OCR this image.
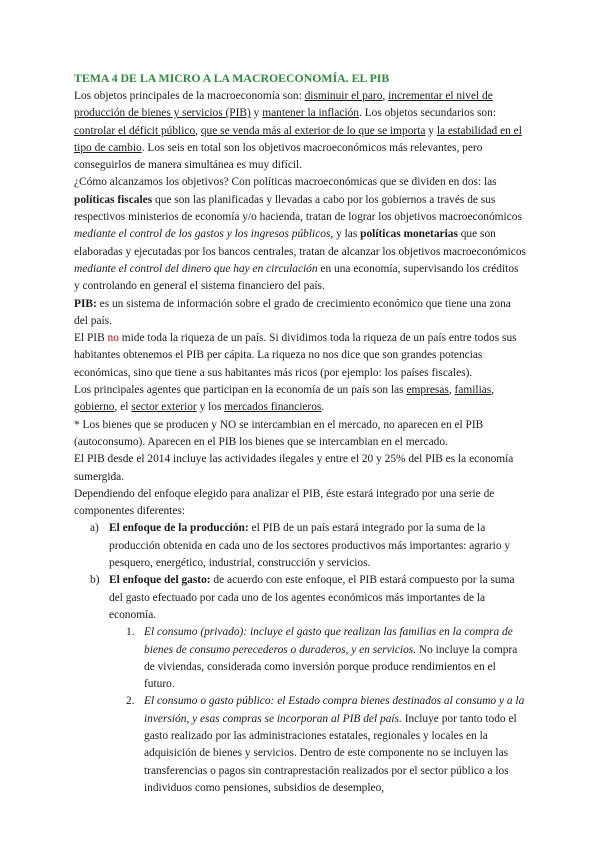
TEMA 4 DE LA MICRO A LA MACROECONOMÍA. EL PIB

Los objetos principales de la macroeconomía son: disminuir el paro, incrementar el nivel de producción de bienes y servicios (PIB) y mantener la inflación. Los objetos secundarios son: controlar el déficit público, que se venda más al exterior de lo que se importa y la estabilidad en el tipo de cambio. Los seis en total son los objetivos macroeconómicos más relevantes, pero conseguirlos de manera simultánea es muy difícil.

¿Cómo alcanzamos los objetivos? Con políticas macroeconómicas que se dividen en dos: las políticas fiscales que son las planificadas y llevadas a cabo por los gobiernos a través de sus respectivos ministerios de economía y/o hacienda, tratan de lograr los objetivos macroeconómicos mediante el control de los gastos y los ingresos públicos, y las políticas monetarias que son elaboradas y ejecutadas por los bancos centrales, tratan de alcanzar los objetivos macroeconómicos mediante el control del dinero que hay en circulación en una economía, supervisando los créditos y controlando en general el sistema financiero del país.

PIB: es un sistema de información sobre el grado de crecimiento económico que tiene una zona del país.

El PIB no mide toda la riqueza de un país. Si dividimos toda la riqueza de un país entre todos sus habitantes obtenemos el PIB per cápita. La riqueza no nos dice que son grandes potencias económicas, sino que tiene a sus habitantes más ricos (por ejemplo: los países fiscales).

Los principales agentes que participan en la economía de un país son las empresas, familias, gobierno, el sector exterior y los mercados financieros.

* Los bienes que se producen y NO se intercambian en el mercado, no aparecen en el PIB (autoconsumo). Aparecen en el PIB los bienes que se intercambian en el mercado.

El PIB desde el 2014 incluye las actividades ilegales y entre el 20 y 25% del PIB es la economía sumergida.

Dependiendo del enfoque elegido para analizar el PIB, éste estará integrado por una serie de componentes diferentes:

a) El enfoque de la producción: el PIB de un país estará integrado por la suma de la producción obtenida en cada uno de los sectores productivos más importantes: agrario y pesquero, energético, industrial, construcción y servicios.
b) El enfoque del gasto: de acuerdo con este enfoque, el PIB estará compuesto por la suma del gasto efectuado por cada uno de los agentes económicos más importantes de la economía.
1. El consumo (privado): incluye el gasto que realizan las familias en la compra de bienes de consumo perecederos o duraderos, y en servicios. No incluye la compra de viviendas, considerada como inversión porque produce rendimientos en el futuro.
2. El consumo o gasto público: el Estado compra bienes destinados al consumo y a la inversión, y esas compras se incorporan al PIB del país. Incluye por tanto todo el gasto realizado por las administraciones estatales, regionales y locales en la adquisición de bienes y servicios. Dentro de este componente no se incluyen las transferencias o pagos sin contraprestación realizados por el sector público a los individuos como pensiones, subsidios de desempleo,
